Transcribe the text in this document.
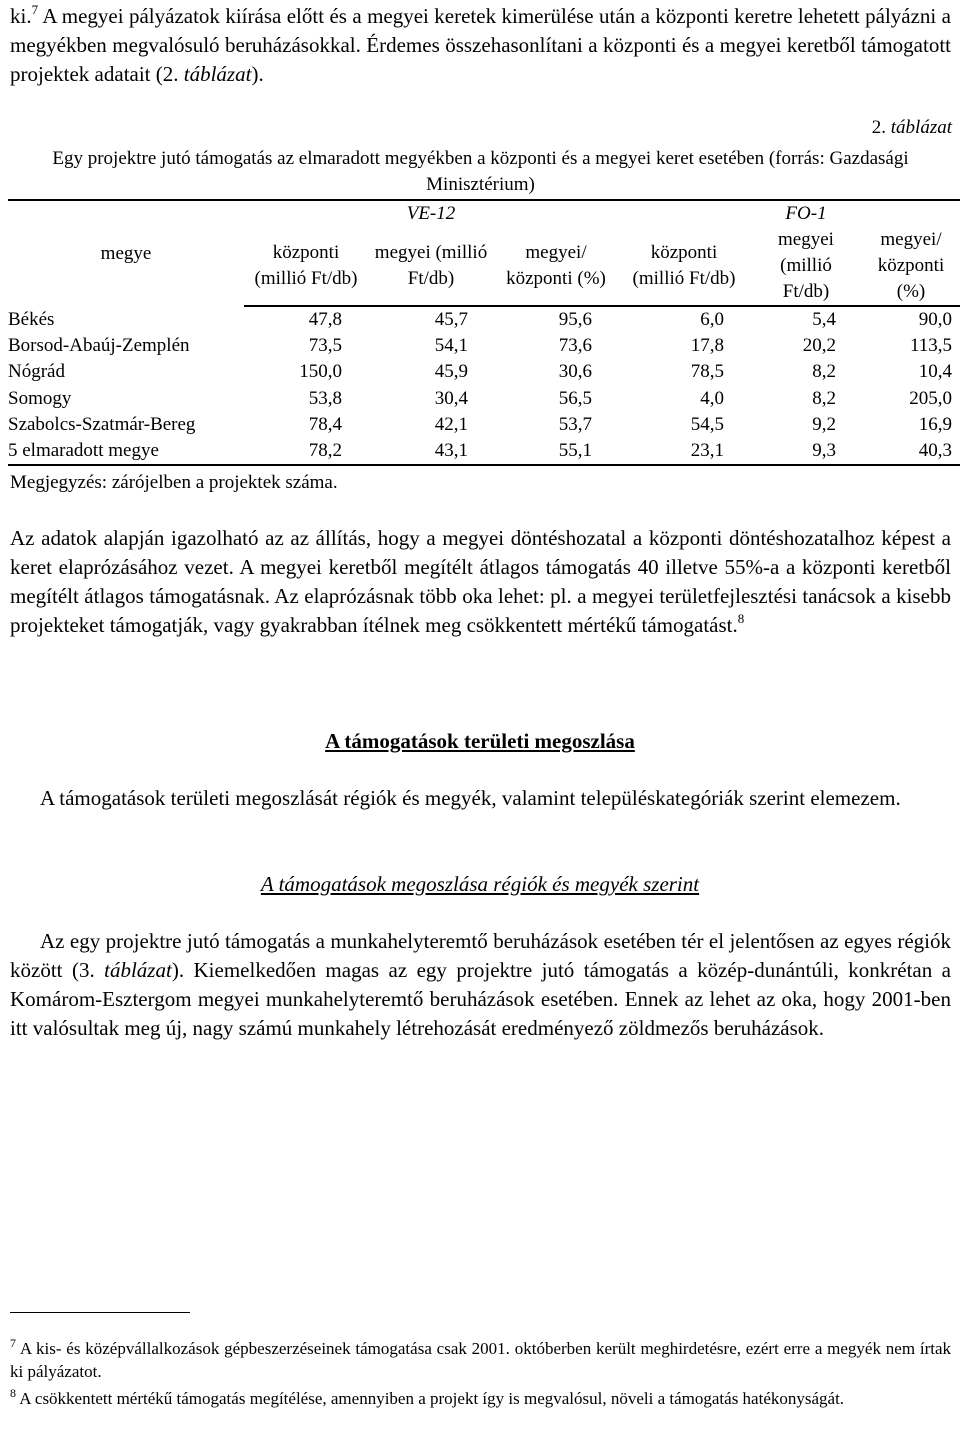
ki.$^7$ A megyei pályázatok kiírása előtt és a megyei keretek kimerülése után a központi keretre lehetett pályázni a megyékben megvalósuló beruházásokkal. Érdemes összehasonlítani a központi és a megyei keretből támogatott projektek adatait (2. táblázat).
2. táblázat
Egy projektre jutó támogatás az elmaradott megyékben a központi és a megyei keret esetében (forrás: Gazdasági Minisztérium)
megye		VE-12			FO-1	
	központi (millió Ft/db)	megyei (millió Ft/db)	megyei/ központi (%)	központi (millió Ft/db)	megyei (millió Ft/db)	megyei/ központi (%)
Békés	47,8	45,7	95,6	6,0	5,4	90,0
Borsod-Abaúj-Zemplén	73,5	54,1	73,6	17,8	20,2	113,5
Nógrád	150,0	45,9	30,6	78,5	8,2	10,4
Somogy	53,8	30,4	56,5	4,0	8,2	205,0
Szabolcs-Szatmár-Bereg	78,4	42,1	53,7	54,5	9,2	16,9
5 elmaradott megye	78,2	43,1	55,1	23,1	9,3	40,3
Megjegyzés: zárójelben a projektek száma.
Az adatok alapján igazolható az az állítás, hogy a megyei döntéshozatal a központi döntéshozatalhoz képest a keret elaprózásához vezet. A megyei keretből megítélt átlagos támogatás 40 illetve 55%-a a központi keretből megítélt átlagos támogatásnak. Az elaprózásnak több oka lehet: pl. a megyei területfejlesztési tanácsok a kisebb projekteket támogatják, vagy gyakrabban ítélnek meg csökkentett mértékű támogatást.$^8$
A támogatások területi megoszlása
A támogatások területi megoszlását régiók és megyék, valamint településkategóriák szerint elemezem.
A támogatások megoszlása régiók és megyék szerint
Az egy projektre jutó támogatás a munkahelyteremtő beruházások esetében tér el jelentősen az egyes régiók között (3. táblázat). Kiemelkedően magas az egy projektre jutó támogatás a közép-dunántúli, konkrétan a Komárom-Esztergom megyei munkahelyteremtő beruházások esetében. Ennek az lehet az oka, hogy 2001-ben itt valósultak meg új, nagy számú munkahely létrehozását eredményező zöldmezős beruházások.
$^7$ A kis- és középvállalkozások gépbeszerzéseinek támogatása csak 2001. októberben került meghirdetésre, ezért erre a megyék nem írtak ki pályázatot.
$^8$ A csökkentett mértékű támogatás megítélése, amennyiben a projekt így is megvalósul, növeli a támogatás hatékonyságát.
